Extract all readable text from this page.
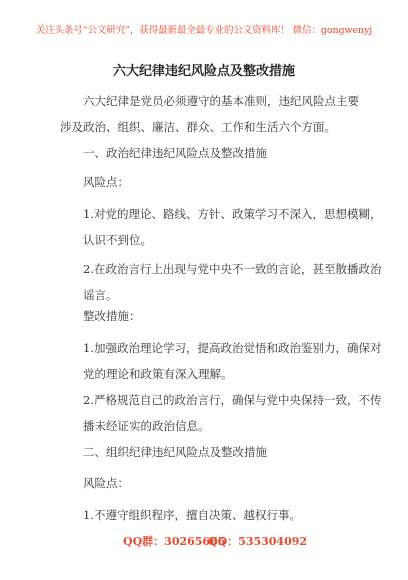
关注头条号“公文研究”，获得最新最全最专业的公文资料库！ 微信：gongwenyj
六大纪律违纪风险点及整改措施

六大纪律是党员必须遵守的基本准则，违纪风险点主要涉及政治、组织、廉洁、群众、工作和生活六个方面。

一、政治纪律违纪风险点及整改措施

风险点：

1.对党的理论、路线、方针、政策学习不深入，思想模糊，认识不到位。

2.在政治言行上出现与党中央不一致的言论，甚至散播政治谣言。

整改措施：

1.加强政治理论学习，提高政治觉悟和政治鉴别力，确保对党的理论和政策有深入理解。

2.严格规范自己的政治言行，确保与党中央保持一致，不传播未经证实的政治信息。

二、组织纪律违纪风险点及整改措施

风险点：

1.不遵守组织程序，擅自决策、越权行事。

QQ群：30265665
QQ：535304092
